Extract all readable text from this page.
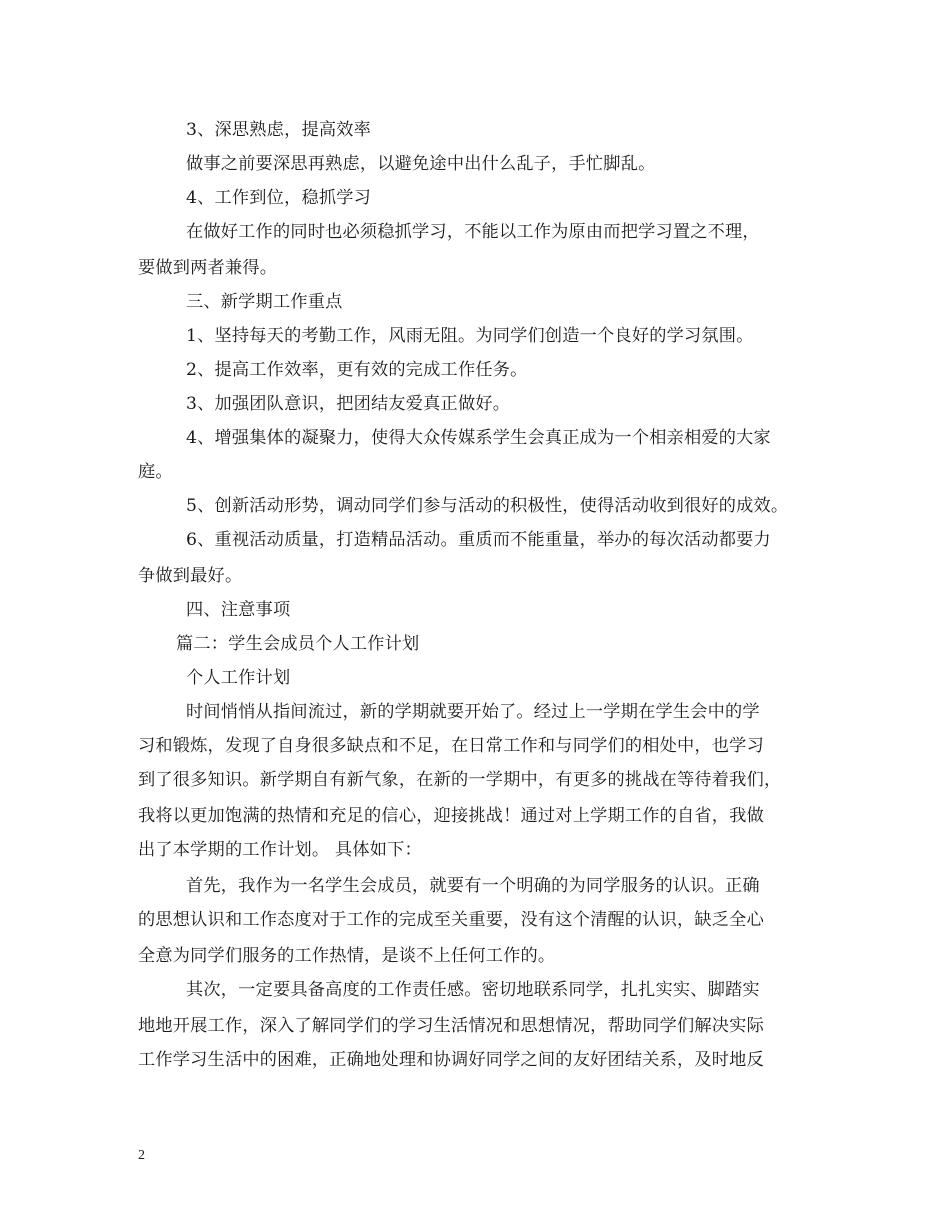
3、深思熟虑，提高效率
做事之前要深思再熟虑，以避免途中出什么乱子，手忙脚乱。
4、工作到位，稳抓学习
在做好工作的同时也必须稳抓学习，不能以工作为原由而把学习置之不理，
要做到两者兼得。
三、新学期工作重点
1、坚持每天的考勤工作，风雨无阻。为同学们创造一个良好的学习氛围。
2、提高工作效率，更有效的完成工作任务。
3、加强团队意识，把团结友爱真正做好。
4、增强集体的凝聚力，使得大众传媒系学生会真正成为一个相亲相爱的大家
庭。
5、创新活动形势，调动同学们参与活动的积极性，使得活动收到很好的成效。
6、重视活动质量，打造精品活动。重质而不能重量，举办的每次活动都要力
争做到最好。
四、注意事项
篇二：学生会成员个人工作计划
个人工作计划
时间悄悄从指间流过，新的学期就要开始了。经过上一学期在学生会中的学
习和锻炼，发现了自身很多缺点和不足，在日常工作和与同学们的相处中，也学习
到了很多知识。新学期自有新气象，在新的一学期中，有更多的挑战在等待着我们，
我将以更加饱满的热情和充足的信心，迎接挑战！通过对上学期工作的自省，我做
出了本学期的工作计划。 具体如下：
首先，我作为一名学生会成员，就要有一个明确的为同学服务的认识。正确
的思想认识和工作态度对于工作的完成至关重要，没有这个清醒的认识，缺乏全心
全意为同学们服务的工作热情，是谈不上任何工作的。
其次，一定要具备高度的工作责任感。密切地联系同学，扎扎实实、脚踏实
地地开展工作，深入了解同学们的学习生活情况和思想情况，帮助同学们解决实际
工作学习生活中的困难，正确地处理和协调好同学之间的友好团结关系，及时地反
2
